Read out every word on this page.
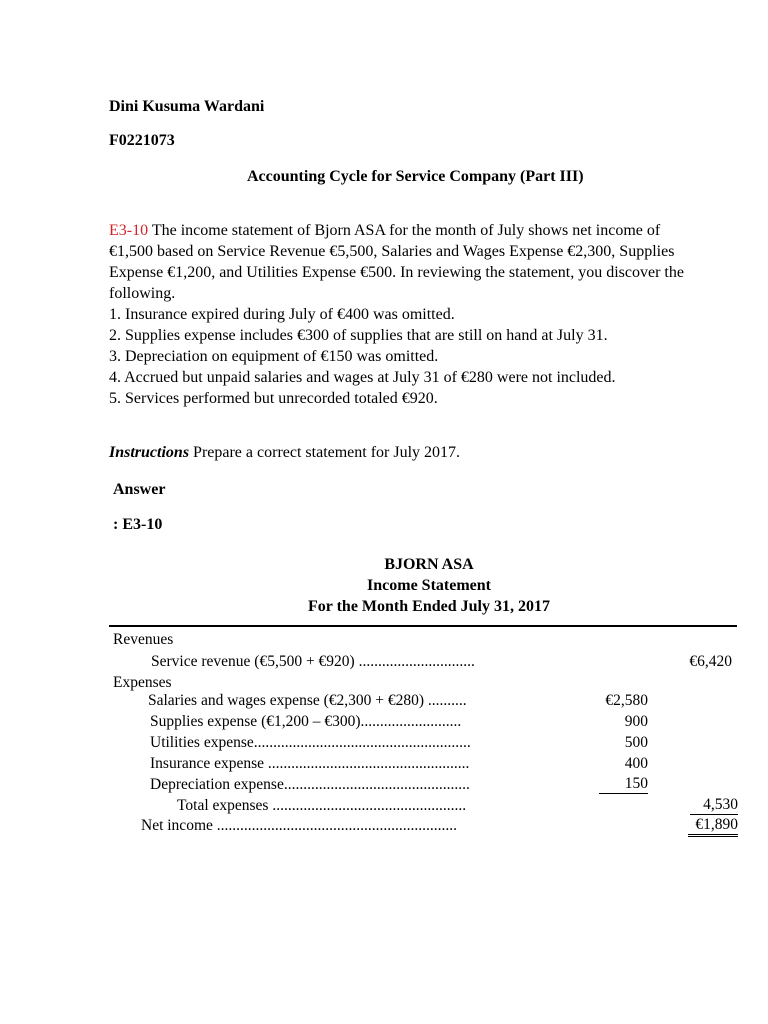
Dini Kusuma Wardani
F0221073
Accounting Cycle for Service Company (Part III)
E3-10 The income statement of Bjorn ASA for the month of July shows net income of
€1,500 based on Service Revenue €5,500, Salaries and Wages Expense €2,300, Supplies
Expense €1,200, and Utilities Expense €500. In reviewing the statement, you discover the
following.
1. Insurance expired during July of €400 was omitted.
2. Supplies expense includes €300 of supplies that are still on hand at July 31.
3. Depreciation on equipment of €150 was omitted.
4. Accrued but unpaid salaries and wages at July 31 of €280 were not included.
5. Services performed but unrecorded totaled €920.
Instructions Prepare a correct statement for July 2017.
Answer
: E3-10
BJORN ASA
Income Statement
For the Month Ended July 31, 2017
Revenues
Service revenue (€5,500 + €920) ..............................	€6,420
Expenses
Salaries and wages expense (€2,300 + €280) ..........	€2,580
Supplies expense (€1,200 – €300)..........................	900
Utilities expense........................................................	500
Insurance expense ....................................................	400
Depreciation expense................................................	150
Total expenses ..................................................	4,530
Net income ..............................................................	€1,890
